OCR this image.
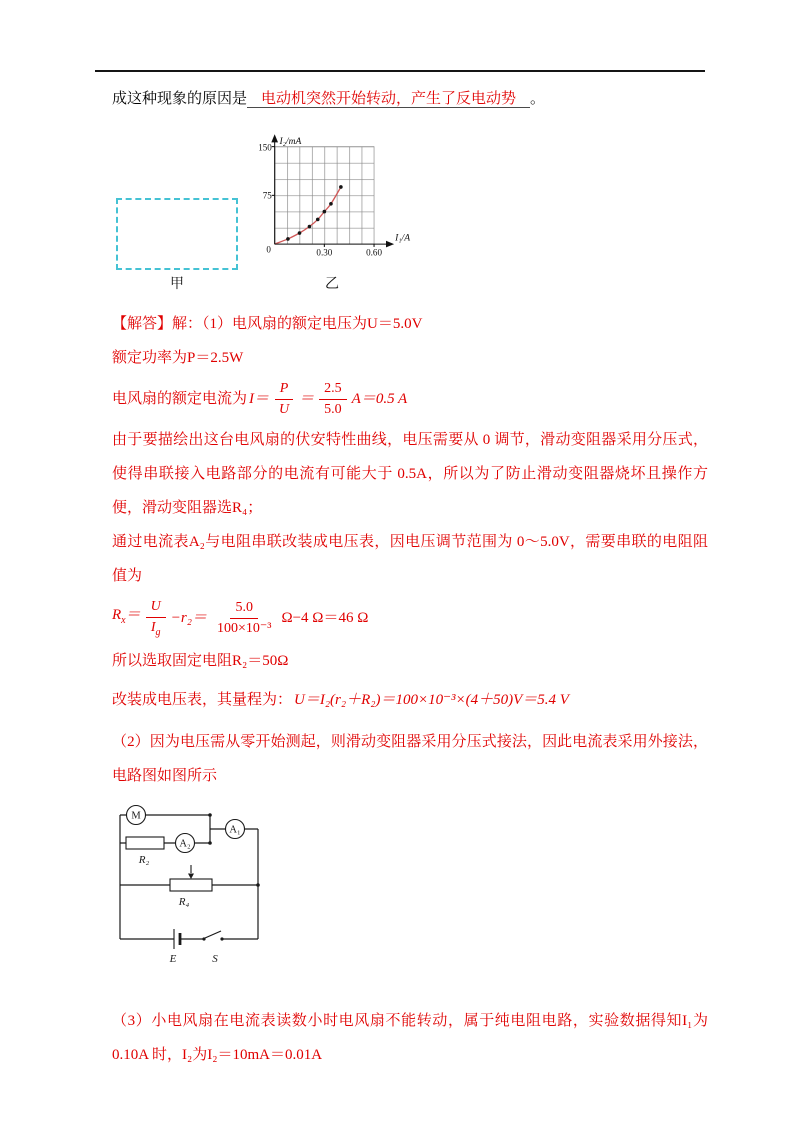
成这种现象的原因是 电动机突然开始转动，产生了反电动势 。

甲
150
75
0	0.30	0.60
I₂/mA
I₁/A
乙

【解答】解：（1）电风扇的额定电压为U＝5.0V

额定功率为P＝2.5W

电风扇的额定电流为 $I= \frac{P}{U} = \frac{2.5}{5.0} A=0.5$ A

由于要描绘出这台电风扇的伏安特性曲线，电压需要从 0 调节，滑动变阻器采用分压式，使得串联接入电路部分的电流有可能大于 0.5A，所以为了防止滑动变阻器烧坏且操作方便，滑动变阻器选R₄；

通过电流表A₂与电阻串联改装成电压表，因电压调节范围为 0～5.0V，需要串联的电阻阻值为

$R_x= \frac{U}{I_g} -r_2= \frac{5.0}{\text{100×10⁻³}} \Omega-4$ Ω＝46 Ω

所以选取固定电阻R₂＝50Ω

改装成电压表，其量程为： U＝I₂(r₂＋R₂)＝100×10⁻³×(4＋50)V＝5.4 V

（2）因为电压需从零开始测起，则滑动变阻器采用分压式接法，因此电流表采用外接法，电路图如图所示

M
A₂
A₁
R₂
R₄
E	S

（3）小电风扇在电流表读数小时电风扇不能转动，属于纯电阻电路，实验数据得知I₁为 0.10A 时，I₂为I₂＝10mA＝0.01A
